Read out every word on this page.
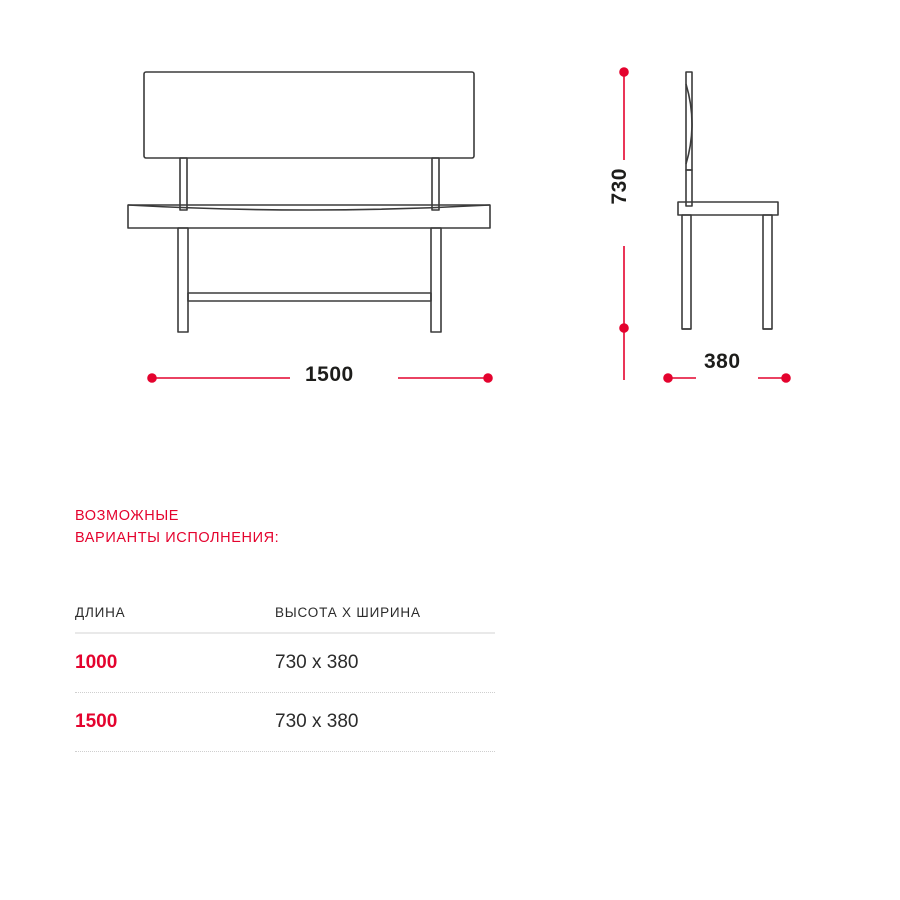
1500
380
730
ВОЗМОЖНЫЕ
ВАРИАНТЫ ИСПОЛНЕНИЯ:
ДЛИНА	ВЫСОТА X ШИРИНА
1000	730 x 380
1500	730 x 380
